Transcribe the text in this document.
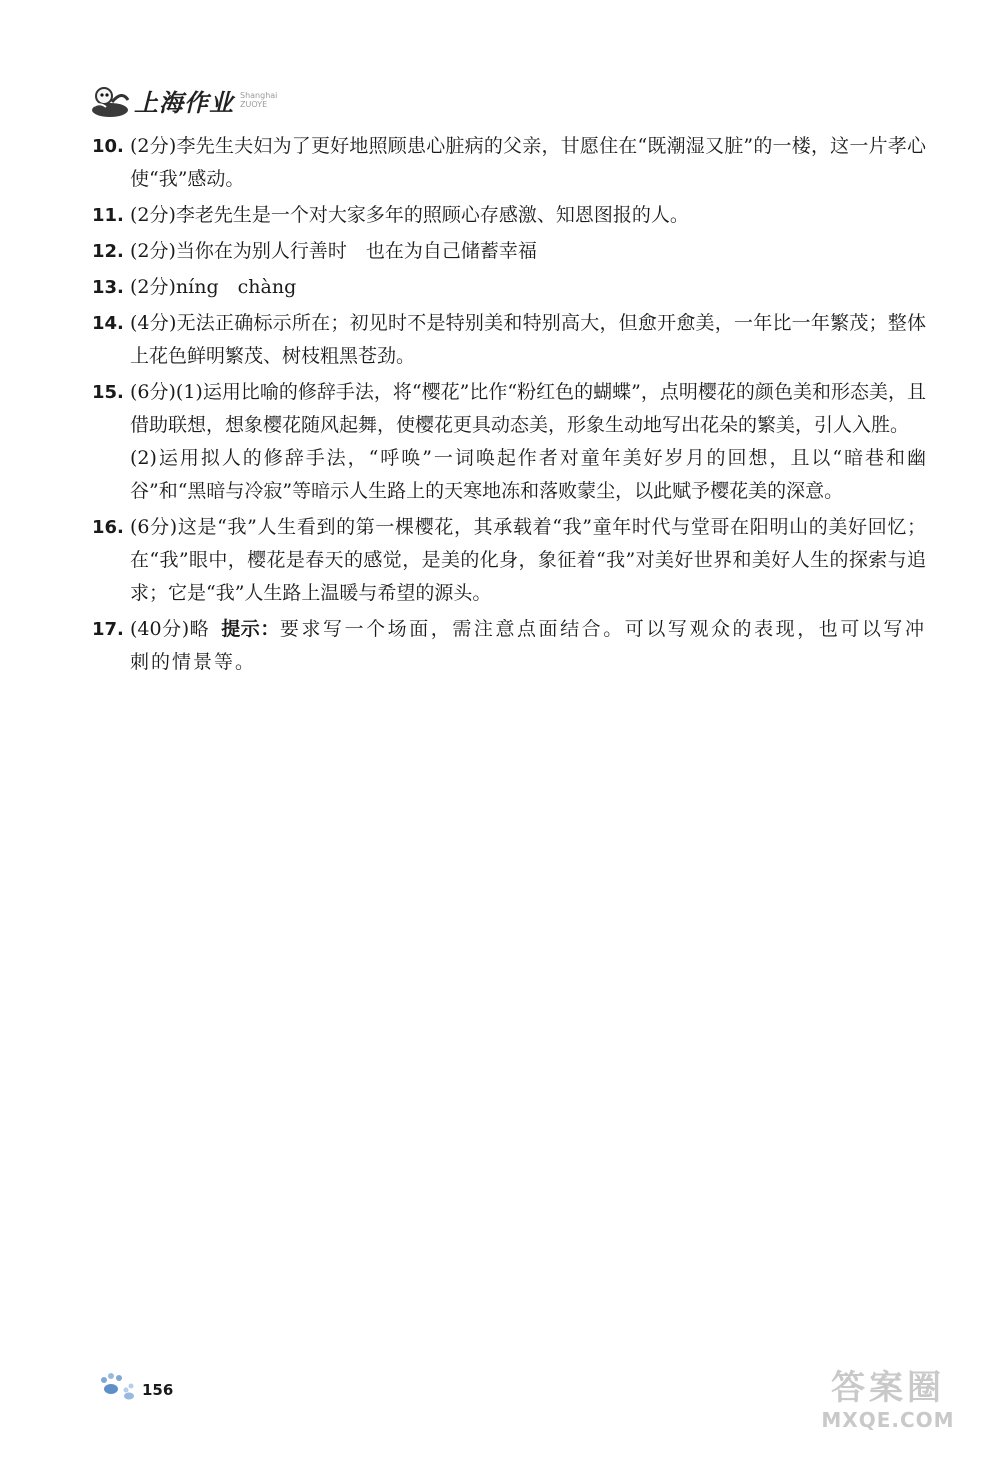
上海作业 Shanghai
ZUOYE
10. (2分)李先生夫妇为了更好地照顾患心脏病的父亲，甘愿住在“既潮湿又脏”的一楼，这一片孝心使“我”感动。
11. (2分)李老先生是一个对大家多年的照顾心存感激、知恩图报的人。
12. (2分)当你在为别人行善时　也在为自己储蓄幸福
13. (2分)níng　chàng
14. (4分)无法正确标示所在；初见时不是特别美和特别高大，但愈开愈美，一年比一年繁茂；整体上花色鲜明繁茂、树枝粗黑苍劲。
15. (6分)(1)运用比喻的修辞手法，将“樱花”比作“粉红色的蝴蝶”，点明樱花的颜色美和形态美，且借助联想，想象樱花随风起舞，使樱花更具动态美，形象生动地写出花朵的繁美，引人入胜。
(2)运用拟人的修辞手法，“呼唤”一词唤起作者对童年美好岁月的回想，且以“暗巷和幽谷”和“黑暗与冷寂”等暗示人生路上的天寒地冻和落败蒙尘，以此赋予樱花美的深意。
16. (6分)这是“我”人生看到的第一棵樱花，其承载着“我”童年时代与堂哥在阳明山的美好回忆；在“我”眼中，樱花是春天的感觉，是美的化身，象征着“我”对美好世界和美好人生的探索与追求；它是“我”人生路上温暖与希望的源头。
17. (40分)略 提示：要求写一个场面，需注意点面结合。可以写观众的表现，也可以写冲刺的情景等。
156	答案圈
MXQE.COM
